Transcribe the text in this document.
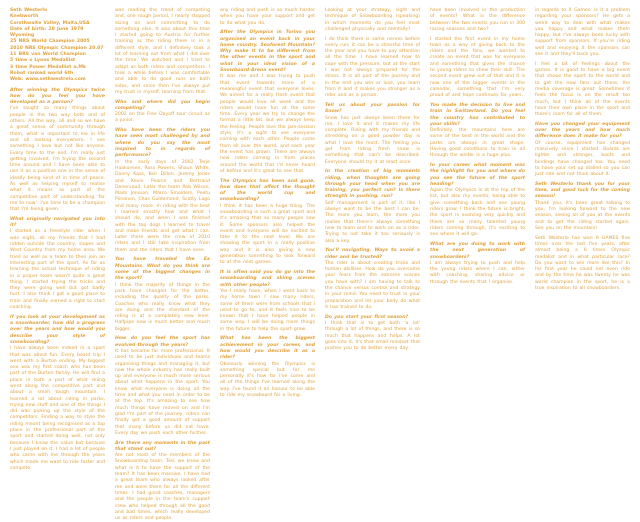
Seth Westerlo
Knebworth
Corsthwaite Valley, Malta,USA
Date of birth: 28 June 1979
Wyoming
25 NRS World Champion 2005
2010 NRS Olympic Champion 20.07
11 BRS van World Champion
5 time x Lyons Medallist
3 time Power Medallist a.Mk
Robot ranked world 6th
Web: www.sethwestrelo.com
After winning the Olympics twice how do you feel you have developed as a person?

I've taught so many things about people in the two way both and of others. All the way, all and so we have a great sense of community through them, what is important to me in life and all looking everywhere. I see something I love but not like anyone. Every time to the end, I'm really just getting involved, I'm trying the second time around and I have been able to use it as a positive one in the sense of ideally being kind of in time of peace. As well as helping myself to realise what it means as part of the competitive part of understanding 'for me to now'. I've time to be a champion that I'm being given.

What originally navigated you into it?

I started as a freestyle rider when I was eight, all my friends that I had ridden outside the country, slopes and West Country from my home area. We tried as well as a team to then join an interesting part of the sport. As far as learning the actual technique of riding in a proper team wasn't quite a great thing. I started trying the tricks and they were going well but got badly hurt. I also think I got a good place to train and finally earned a right to start coaching.

If you look at your development as a snowboarder, how did a progress over the years and how would you describe your style of snowboarding?

I have always been indeed in a sport that was about fun. Every board trip I went with a Burton ending. My biggest one was my first coach who has been part of the Burton family. He will find a place in both a part of what skiing went along the competitive part and about a small tough mountain. I learned a lot about riding in parks, trying new stuff and one of the things I did was picking up the style of the competitors. Finding a way to style the riding meant being recognised as a top place in the professional part of the sport and started doing well, not only because I know the value but because I just played on it. I had a lot of people who came with me through the years which made me want to ride faster and compete.

was reading the trend of competing and, one rough period, I nearly stopped skiing on and committing to do something else. It was about this time I started going to Austria for further training as the riding there is in a different style, and I definitely took a lot of learning out from what I did over the time. We watched and I tried to adapt as both riders and competitors. I took a while before I was comfortable and able to do good runs on both sides, and since then I've always put my trust in myself, learning from that.

Who and where did you begin competing?

2002 on the Free Dayoff tour circuit as a junior.

Who have been the riders you have seen most challenged by and where do you say the most inspired to in regards of performance?

In the early days of 2002 Terje Haakonsen, Ross Powers, Shaun White, Danny Kass, Keir Dillon, Jeremy Jones and Kevin Pearce and Bertrand Denervaud. Later the team Rob Wilson, Mads Jonsson, Marco Smolders, Peetu Piiroinen, Chas Guldemond, Scotty Lago and many more. In riding with the best I learned exactly how and what I should do, and when I was finished with the top dogs I learned to travel and make friends and get what I can. Later there were the crew of 2010 riders and I still take inspiration from them and the riders that I have seen.

You have traveled the Ex Mountains. What do you think are some of the biggest changes in the sport?

I think the majority of things in the park have changed for the better, including the quality of the parks. Coaches who really know what they are doing and the standard of the riding is at a completely new level. Halfpipe now is much better and much bigger.

How do you feel the sport has evolved through the years?

It has become far more professional. It used to be just individuals and teams organising things and managing it, but now the whole industry has really built up and everyone is much more serious about what happens in the sport. You know what everyone is doing all the time and what you need in order to be at the top. It's amazing to see how much things have moved on and I'm glad I'm part of the journey, riders can finally get a good amount of support that many before us did not have. Every day we push each other further.

Are there any moments in the past that stand out?

Are not most of the members of the Snowboarding team, Ted, we know and what is it to have the support of the team? It has been massive, I have had a great team who always looked after me and were there for all the different times. I had great coaches, managers and the people in the team's support crew who helped through all the good and bad times, which really developed us as riders and people.

any riding and push is so much harder when you have your support and get to do what you do.

After the Olympics in Torino you organised an event back in your home country. Seaforest Mountain? Why make it to be different from the other events in the sport and what is your ideal vision of a Snowboard-Arena event?

It was me and I was trying to push that event towards more of a meaningful event that everyone loves. We aimed for a really fresh event that people would love all week and the riders would have fun at the same time. Every year we try to change the format a little bit, but we always keep the feeling. People love the jam-session style, it's a sight to see everyone coming with each other. People come from all over the world, and each year the event has grown. There are always new riders coming in from places around the world that I'd never heard of before and it's great to see that.

The Olympics has been and gone, how does that affect the thought of the world cup and snowboarding?

I think it has been a huge thing. The snowboarding is such a great sport and it's amazing that so many people saw it. Some sponsors also helped the event and everyone will be excited to take it to the next level. We are showing the sport in a really positive way and it is also giving a new generation something to look forward to at the next games.

It is often said you do go into the snowboarding and skiing scenes with other people?

Yes I really have, when I went back to my home town I saw many riders, some of them were from schools that I used to go to, and it feels nice to be known that I have helped people in some way. I will be doing more things in the future to help the sport grow.

What has been the biggest achievement in your career, and how would you describe it as a rider?

Obviously winning the Olympics is something special but for me personally it's how far I've come and all of the things I've learned along the way. I've found it an honour to be able to ride my snowboard for a living.

Looking at your strategy, sight and technique of Snowboarding (speaking) in which moments do you feel most challenged physically and mentally?

I do think there is some nerves before every run; it can be a stressful time of the year and you have to pay attention all the time. I have learned how to cope with the pressure, but at the start I was not always prepared for the stress. It is all part of the journey and in the end you win or lose, you learn from it and it makes you stronger as a rider and as a person.

Tell us about your passion for Snow?

Snow has just always been there for me, I love it and it makes my life complete. Riding with my friends and shredding on a good powder day is what I love the most. The feeling you get from riding fresh snow is something that can't be described. Everyone should try it at least once.

In the creation of big moments riding, when thoughts are going through your head when you are training, you perfect run? Is there strength in pushing, run?

Self management is part of it, like I always want to be the best I can be. The more you learn, the more you realise that there's always something new to learn and to work on as a rider. Trying to not take it too seriously is also a key.

You'll navigating. Ways to avoid a rider and be trusted?

The rider is about creating tricks and human abilities. How do you overcome your fears from the extreme scenes you have with? I am having to talk to the chance versus control and strategy in your mind. You need to trust in your preparation and let your body do what it has trained to do.

Do you start your first season?

I think that is to get both 'a lot' through a lot of things, and there is so much that happens and helps. A lot goes into it, it's that small mindset that pushes you to do better every day.

have been involved in the production of events? What is the difference between the two events you run in 300 racing seasons and two?

I started the first event in my home town as a way of giving back to the riders and the fans, we wanted to create an event that was for everyone and something that gives the chance to young riders to show their skill. The second event grew out of that and it is now one of the bigger events in the calendar, something that I'm very proud of and hope continues for years.

You made the decision to live and train in Switzerland. Do you feel the country has contributed to your skills?

Definitely, the mountains here are some of the best in the world and the parks are always in great shape. Having good conditions to train in all through the winter is a huge plus.

In your career what moment was the highlight for you and where do you see the future of the sport heading?

Again the Olympics is at the top of the list, but also my events, being able to give something back and see young riders grow. I think the future is bright, the sport is evolving very quickly and there are so many talented young riders coming through, it's exciting to see where it will go.

What are you doing to work with the next generation of snowboarders?

I am always trying to push and help the young riders where I can, either with coaching, sharing advice or through the events that I organise.

in regards to X Games. Is it a problem regarding your sponsors? He gets a weird way to deal with what makes you happy and what makes them happy, but I've always been lucky with support from sponsors. If you're riding well and enjoying it the sponsors can see it and they'll back you.

I feel a bit of feelings about the games. It is good to have a big event that shows the sport to the world and to get the new fans out there, the media coverage is great. Sometimes it feels the focus is on the result too much, but I think all of the events have their own place in the sport and there's room for all of them.

Have you changed your equipment over the years and how much difference does it make for you?

Of course, equipment has changed massively since I started. Boards are lighter and stronger, boots and bindings have changed too. You need to have your set up dialled so you can just ride and not think about it.

Seth Westerlo thank you for your time, and good luck for the coming season!

Thank you, it's been great talking to you, I'm looking forward to the new season, seeing all of you at the events and to get the riding started again. See you on the mountain!

Seth Westerlo has won 6 GAMES five times over the last five years, after almost being a 6 times Olympic medalist and in what particular race? Do you want to win more like this? In his first year he could not even ride and by the time he was twenty he was world champion in the sport, he is a true inspiration to all snowboarders.
